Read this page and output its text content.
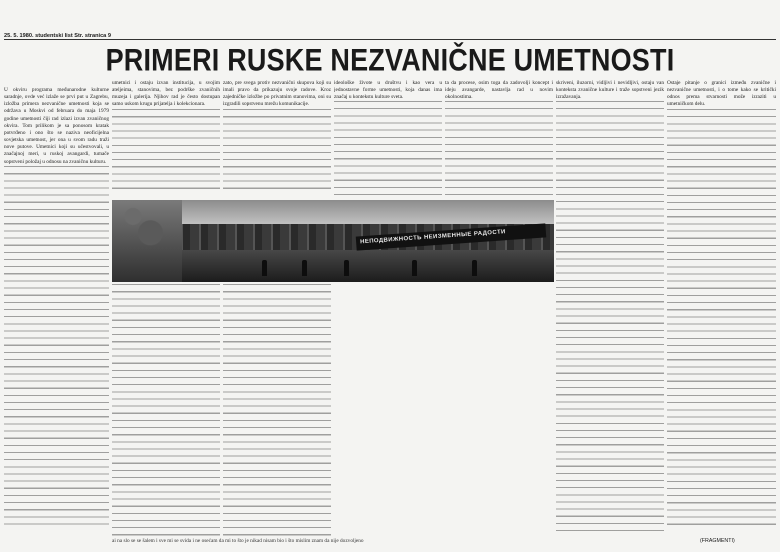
25. 5. 1980. studentski list Str. stranica 9
PRIMERI RUSKE NEZVANIČNE UMETNOSTI

U okviru programa međunarodne kulturne saradnje, ovde već izlaže se prvi put u Zagrebu, izložba primera nezvanične umetnosti koja se održava u Moskvi od februara do maja 1979 godine umetnosti čiji rad izlazi izvan zvaničnog okvira. Tom prilikom je sa ponosom kratak potvrđeno i ono što se naziva neoficijelna sovjetska umetnost, jer ona u svom radu traži nove putove. Umetnici koji su učestvovali, u značajnoj meri, u ruskoj avangardi, tumače sopstveni položaj u odnosu na zvaničnu kulturu.

umetnici i ostaju izvan institucija, u svojim ateljeima, stanovima, bez podrške zvaničnih muzeja i galerija. Njihov rad je često dostupan samo uskom krugu prijatelja i kolekcionara.

zato, pre svega protiv nezvanični skupova koji su imali pravo da prikazuju svoje radove. Kroz zajedničke izložbe po privatnim stanovima, oni su izgradili sopstvenu mrežu komunikacije.

ideološke živote u društvu i kao vera u jednostavne forme umetnosti, koja danas ima značaj u kontekstu kulture sveta.

ta da procese, osim toga da zadovolji koncept i ideju avangarde, nastavlja rad u novim okolnostima.

skriveni, iluzorni, vidljivi i nevidljivi, ostaju van konteksta zvanične kulture i traže sopstveni jezik izražavanja.

Ostaje pitanje o granici između zvanične i nezvanične umetnosti, i o tome kako se kritički odnos prema stvarnosti može izraziti u umetničkom delu.

НЕПОДВИЖНОСТЬ НЕИЗМЕННЫЕ РАДОСТИ
ai na slo se se šalem i sve mi se svida i ne osećam da mi to što je nikad nisam bio i što mislim znam da nije dozvoljeno	(FRAGMENTI)
